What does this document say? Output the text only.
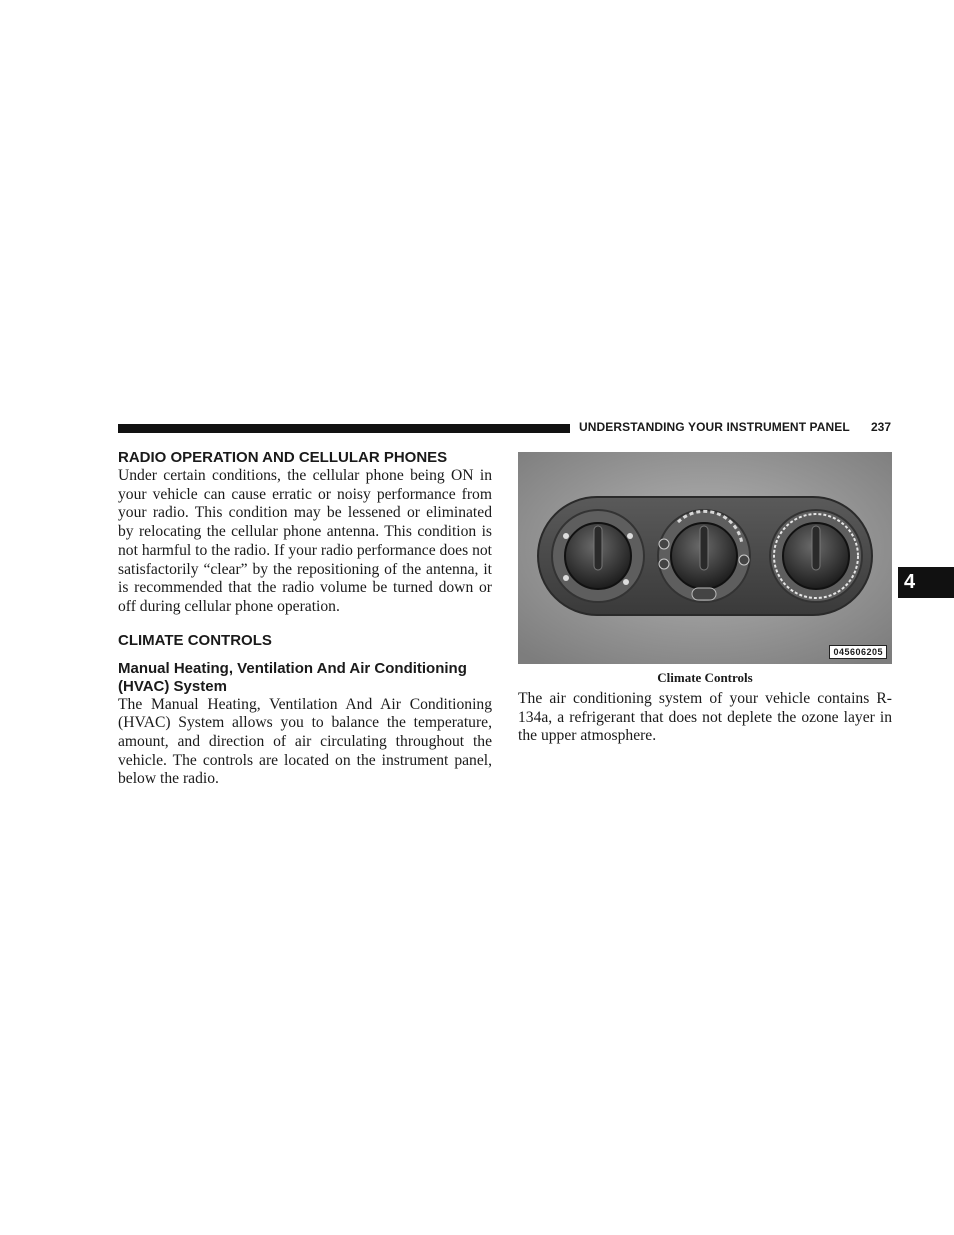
UNDERSTANDING YOUR INSTRUMENT PANEL 237
4
RADIO OPERATION AND CELLULAR PHONES

Under certain conditions, the cellular phone being ON in your vehicle can cause erratic or noisy performance from your radio. This condition may be lessened or eliminated by relocating the cellular phone antenna. This condition is not harmful to the radio. If your radio performance does not satisfactorily “clear” by the repositioning of the antenna, it is recommended that the radio volume be turned down or off during cellular phone operation.

CLIMATE CONTROLS
Manual Heating, Ventilation And Air Conditioning (HVAC) System

The Manual Heating, Ventilation And Air Conditioning (HVAC) System allows you to balance the temperature, amount, and direction of air circulating throughout the vehicle. The controls are located on the instrument panel, below the radio.

045606205
Climate Controls

The air conditioning system of your vehicle contains R-134a, a refrigerant that does not deplete the ozone layer in the upper atmosphere.
